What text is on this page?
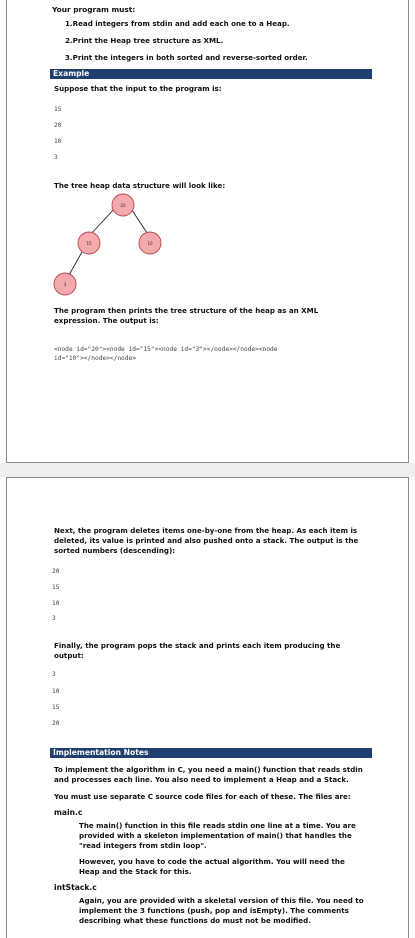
Your program must:

1.Read integers from stdin and add each one to a Heap.

2.Print the Heap tree structure as XML.

3.Print the integers in both sorted and reverse-sorted order.

Example

Suppose that the input to the program is:

15

20

10

3

The tree heap data structure will look like:

20
15	10
3

The program then prints the tree structure of the heap as an XML

expression. The output is:

<node id="20"><node id="15"><node id="3"></node></node><node

id="10"></node></node>

Next, the program deletes items one-by-one from the heap. As each item is

deleted, its value is printed and also pushed onto a stack. The output is the

sorted numbers (descending):

20

15

10

3

Finally, the program pops the stack and prints each item producing the

output:

3

10

15

20

Implementation Notes

To implement the algorithm in C, you need a main() function that reads stdin

and processes each line. You also need to implement a Heap and a Stack.

You must use separate C source code files for each of these. The files are:

main.c

The main() function in this file reads stdin one line at a time. You are

provided with a skeleton implementation of main() that handles the

"read integers from stdin loop".

However, you have to code the actual algorithm. You will need the

Heap and the Stack for this.

intStack.c

Again, you are provided with a skeletal version of this file. You need to

implement the 3 functions (push, pop and isEmpty). The comments

describing what these functions do must not be modified.
